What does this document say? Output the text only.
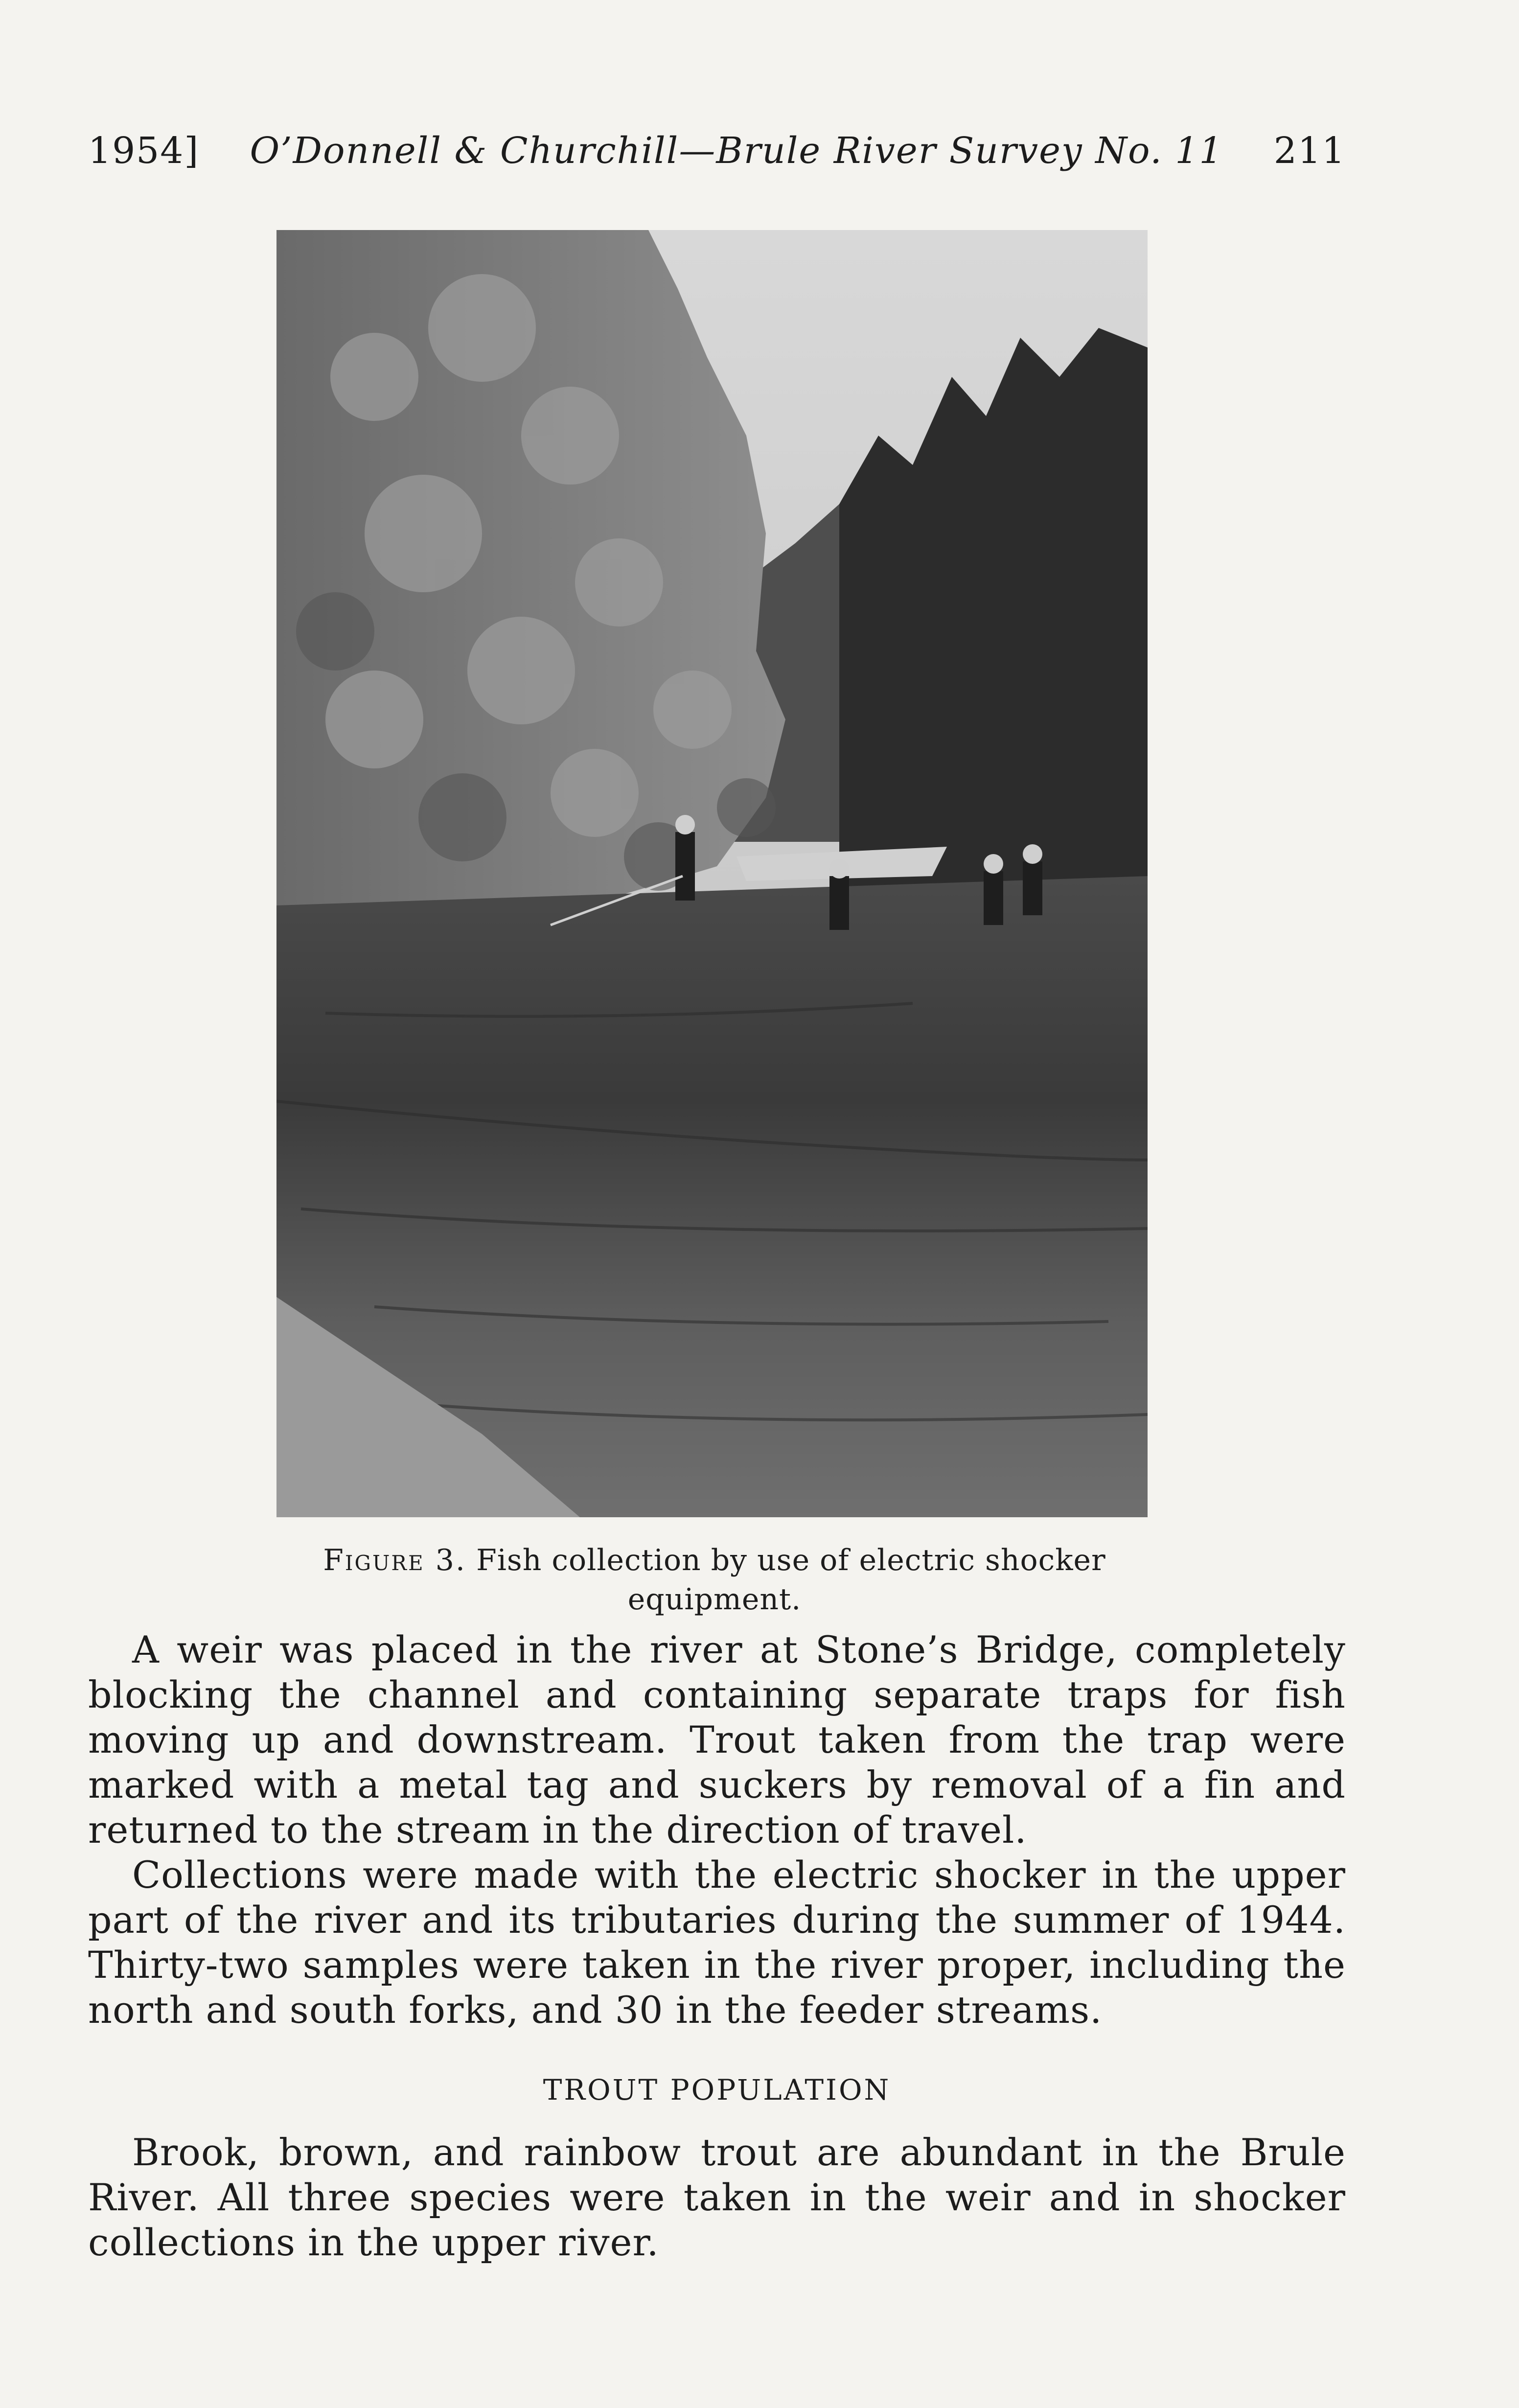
1954] O’Donnell & Churchill—Brule River Survey No. 11 211
Figure 3. Fish collection by use of electric shocker equipment.

A weir was placed in the river at Stone’s Bridge, completely blocking the channel and containing separate traps for fish moving up and downstream. Trout taken from the trap were marked with a metal tag and suckers by removal of a fin and returned to the stream in the direction of travel.

Collections were made with the electric shocker in the upper part of the river and its tributaries during the summer of 1944. Thirty-two samples were taken in the river proper, including the north and south forks, and 30 in the feeder streams.

TROUT POPULATION

Brook, brown, and rainbow trout are abundant in the Brule River. All three species were taken in the weir and in shocker collections in the upper river.
